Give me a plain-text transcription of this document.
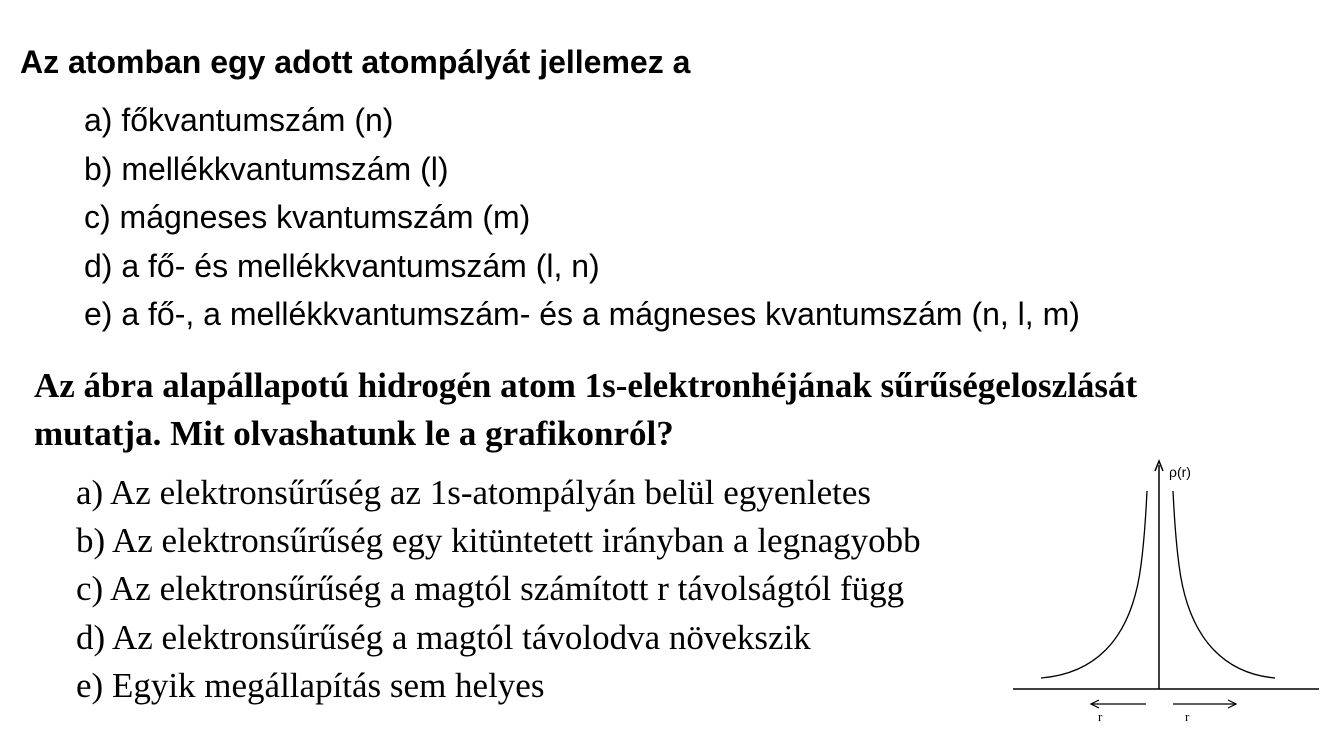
Az atomban egy adott atompályát jellemez a
a) főkvantumszám (n)
b) mellékkvantumszám (l)
c) mágneses kvantumszám (m)
d) a fő- és mellékkvantumszám (l, n)
e) a fő-, a mellékkvantumszám- és a mágneses kvantumszám (n, l, m)
Az ábra alapállapotú hidrogén atom 1s-elektronhéjának sűrűségeloszlását
mutatja. Mit olvashatunk le a grafikonról?
a) Az elektronsűrűség az 1s-atompályán belül egyenletes
b) Az elektronsűrűség egy kitüntetett irányban a legnagyobb
c) Az elektronsűrűség a magtól számított r távolságtól függ
d) Az elektronsűrűség a magtól távolodva növekszik
e) Egyik megállapítás sem helyes
ρ(r)
r	r
